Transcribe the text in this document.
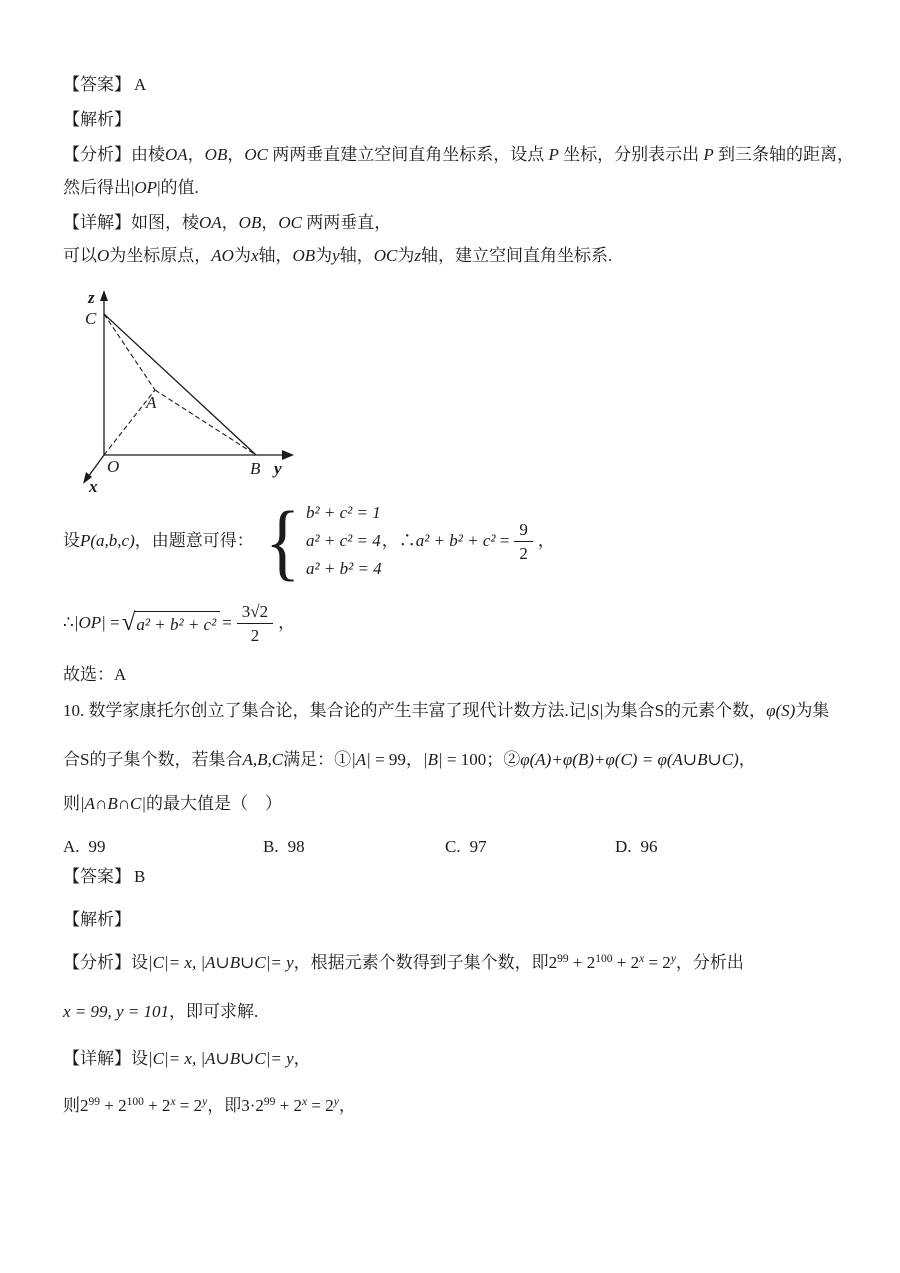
【答案】 A
【解析】
【分析】由棱OA，OB，OC 两两垂直建立空间直角坐标系，设点 P 坐标，分别表示出 P 到三条轴的距离，
然后得出|OP|的值.
【详解】如图，棱OA，OB，OC 两两垂直，
可以O为坐标原点，AO为x轴，OB为y轴，OC为z轴，建立空间直角坐标系.
z
C
A
O	B
x
y
设P(a,b,c)，由题意可得： { b² + c² = 1
a² + c² = 4
a² + b² = 4
，∴a² + $b^2 + c^2 = \frac{9}{2}$ ，
∴|OP| = √ $a^2 + b^2 + c^2 = \frac{3√2}{2}$ ，
故选：A
10. 数学家康托尔创立了集合论，集合论的产生丰富了现代计数方法.记|S|为集合S的元素个数，φ(S)为集
合S的子集个数，若集合A,B,C满足：①|A| = 99，|B| = 100；②φ(A)+φ(B)+φ(C) = φ(A∪B∪C)，
则|A∩B∩C|的最大值是（　）
A. 99	B. 98	C. 97	D. 96
【答案】 B
【解析】
【分析】设|C|= x, |A∪B∪C|= y，根据元素个数得到子集个数，即$2^{99} + 2^{100} + 2^x = 2^y$，分析出
x = 99, y = 101，即可求解.
【详解】设|C|= x, |A∪B∪C|= y，
则$2^{99} + 2^{100} + 2^x = 2^y$，即$3\cdot 2^{99} + 2^x = 2^y$，
